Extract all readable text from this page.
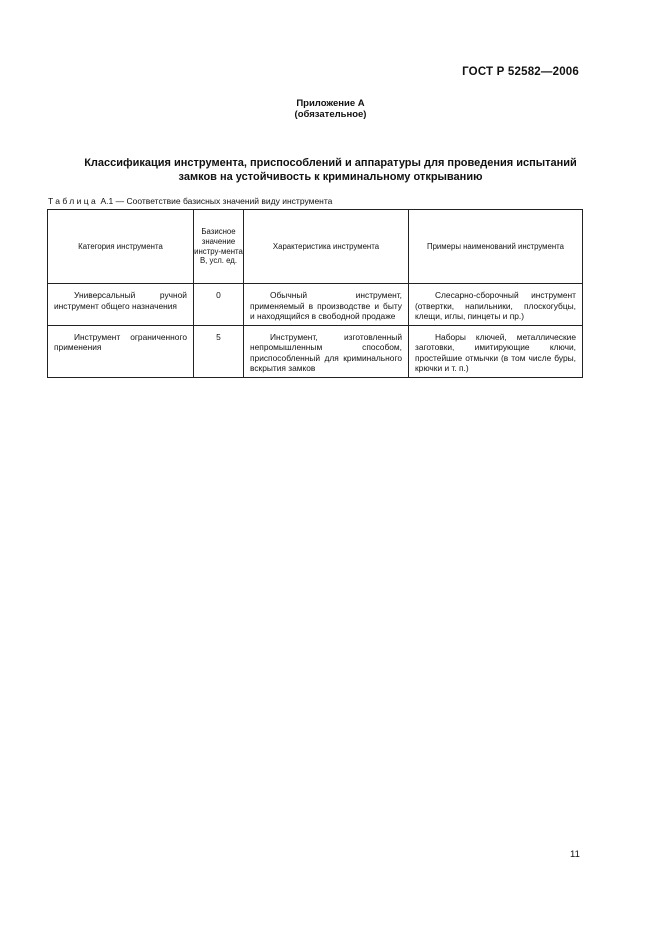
ГОСТ Р 52582—2006
Приложение А
(обязательное)
Классификация инструмента, приспособлений и аппаратуры для проведения испытаний
замков на устойчивость к криминальному открыванию
Таблица А.1 — Соответствие базисных значений виду инструмента
Категория инструмента	Базисное значение инстру-мента В, усл. ед.	Характеристика инструмента	Примеры наименований инструмента

Универсальный ручной инструмент общего назначения	0	Обычный инструмент, применяемый в производстве и быту и находящийся в свободной продаже	Слесарно-сборочный инструмент (отвертки, напильники, плоскогубцы, клещи, иглы, пинцеты и пр.)

Инструмент ограниченного применения	5	Инструмент, изготовленный непромышленным способом, приспособленный для криминального вскрытия замков	Наборы ключей, металлические заготовки, имитирующие ключи, простейшие отмычки (в том числе буры, крючки и т. п.)
11
